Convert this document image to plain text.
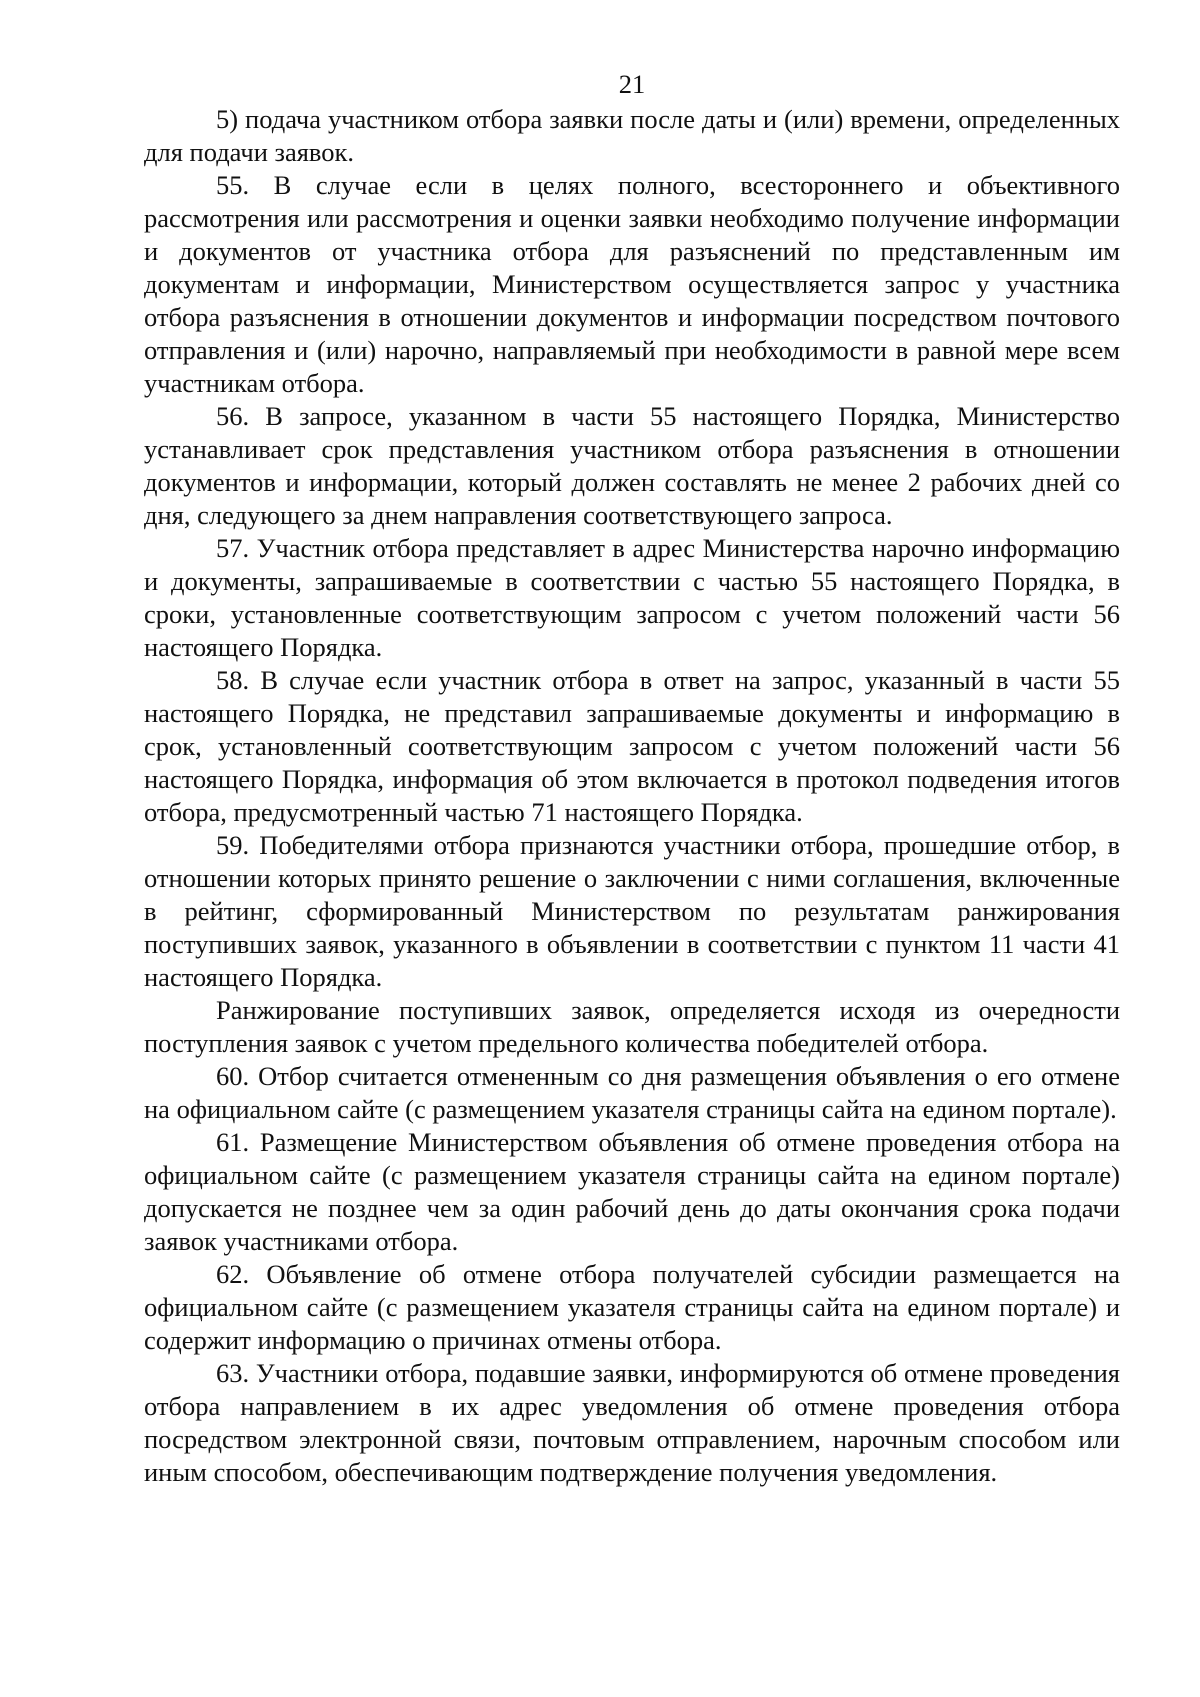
21

5) подача участником отбора заявки после даты и (или) времени, определенных для подачи заявок.

55. В случае если в целях полного, всестороннего и объективного рассмотрения или рассмотрения и оценки заявки необходимо получение информации и документов от участника отбора для разъяснений по представленным им документам и информации, Министерством осуществляется запрос у участника отбора разъяснения в отношении документов и информации посредством почтового отправления и (или) нарочно, направляемый при необходимости в равной мере всем участникам отбора.

56. В запросе, указанном в части 55 настоящего Порядка, Министерство устанавливает срок представления участником отбора разъяснения в отношении документов и информации, который должен составлять не менее 2 рабочих дней со дня, следующего за днем направления соответствующего запроса.

57. Участник отбора представляет в адрес Министерства нарочно информацию и документы, запрашиваемые в соответствии с частью 55 настоящего Порядка, в сроки, установленные соответствующим запросом с учетом положений части 56 настоящего Порядка.

58. В случае если участник отбора в ответ на запрос, указанный в части 55 настоящего Порядка, не представил запрашиваемые документы и информацию в срок, установленный соответствующим запросом с учетом положений части 56 настоящего Порядка, информация об этом включается в протокол подведения итогов отбора, предусмотренный частью 71 настоящего Порядка.

59. Победителями отбора признаются участники отбора, прошедшие отбор, в отношении которых принято решение о заключении с ними соглашения, включенные в рейтинг, сформированный Министерством по результатам ранжирования поступивших заявок, указанного в объявлении в соответствии с пунктом 11 части 41 настоящего Порядка.

Ранжирование поступивших заявок, определяется исходя из очередности поступления заявок с учетом предельного количества победителей отбора.

60. Отбор считается отмененным со дня размещения объявления о его отмене на официальном сайте (с размещением указателя страницы сайта на едином портале).

61. Размещение Министерством объявления об отмене проведения отбора на официальном сайте (с размещением указателя страницы сайта на едином портале) допускается не позднее чем за один рабочий день до даты окончания срока подачи заявок участниками отбора.

62. Объявление об отмене отбора получателей субсидии размещается на официальном сайте (с размещением указателя страницы сайта на едином портале) и содержит информацию о причинах отмены отбора.

63. Участники отбора, подавшие заявки, информируются об отмене проведения отбора направлением в их адрес уведомления об отмене проведения отбора посредством электронной связи, почтовым отправлением, нарочным способом или иным способом, обеспечивающим подтверждение получения уведомления.
